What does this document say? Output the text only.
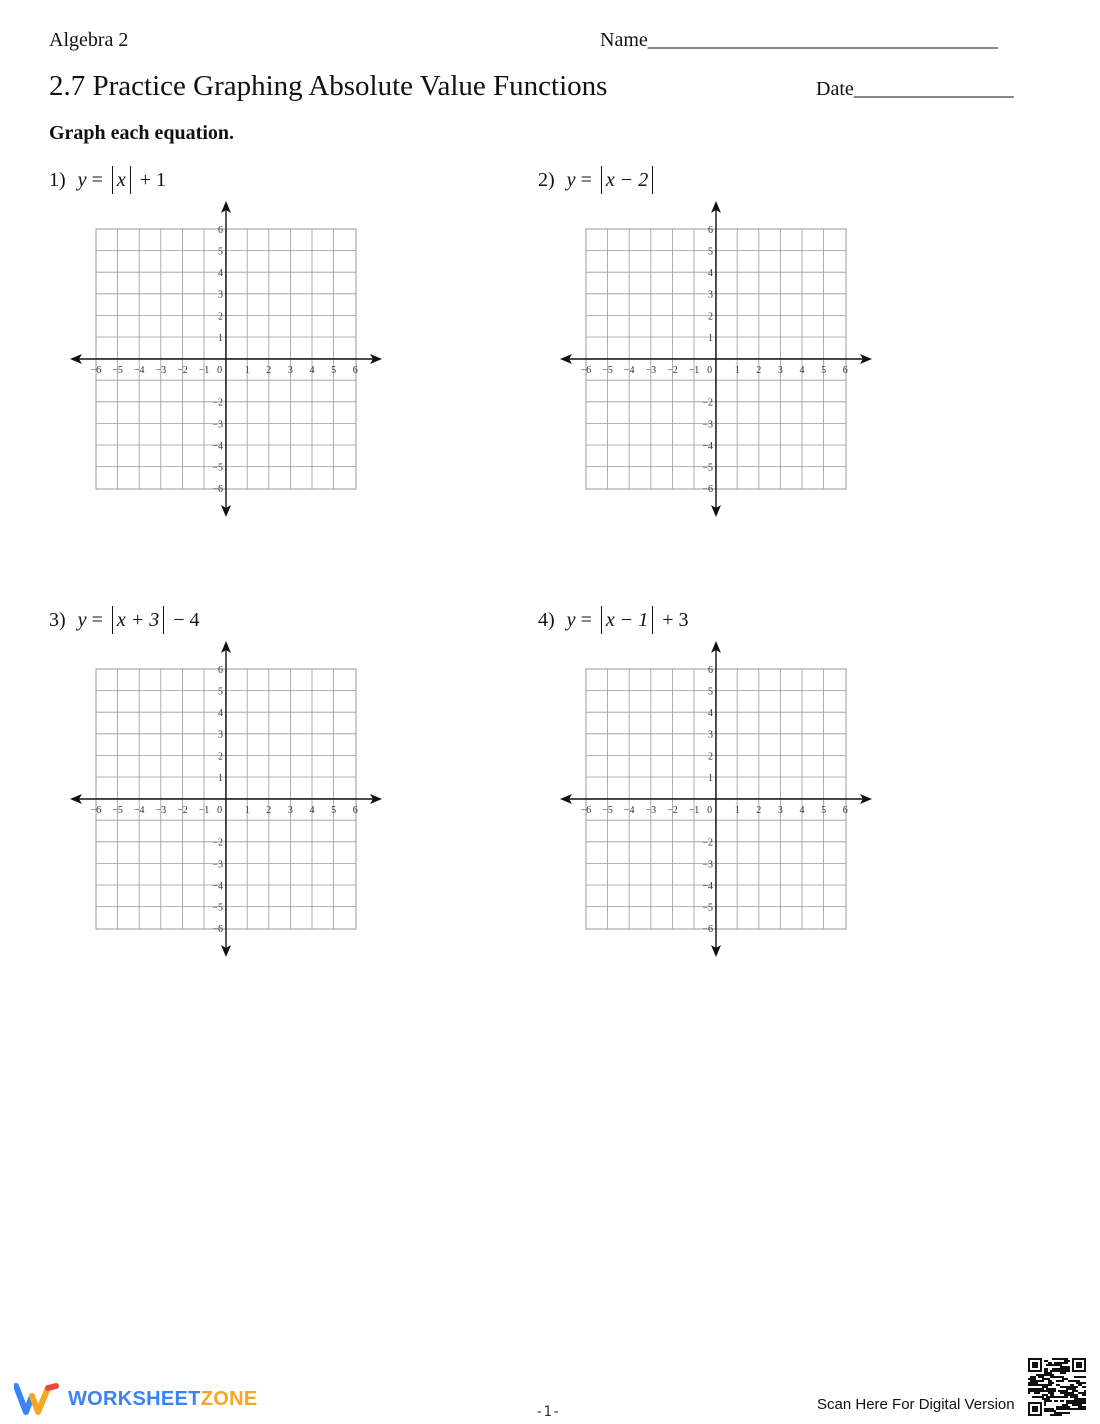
Algebra 2	Name___________________________________
2.7 Practice Graphing Absolute Value Functions	Date________________
Graph each equation.
1) y
=
x
+ 1	2) y
=
x − 2

3) y
=
x + 3
− 4	4) y
=
x − 1
+ 3
−6 −5 −4 −3 −2 −1 0 1 2 3 4 5 6
1
2
3
4
5
6
−2
−3
−4
−5
−6
−6 −5 −4 −3 −2 −1 0 1 2 3 4 5 6
1
2
3
4
5
6
−2
−3
−4
−5
−6
−6 −5 −4 −3 −2 −1 0 1 2 3 4 5 6
1
2
3
4
5
6
−2
−3
−4
−5
−6
−6 −5 −4 −3 −2 −1 0 1 2 3 4 5 6
1
2
3
4
5
6
−2
−3
−4
−5
−6
WORKSHEETZONE
-1-	Scan Here For Digital Version
